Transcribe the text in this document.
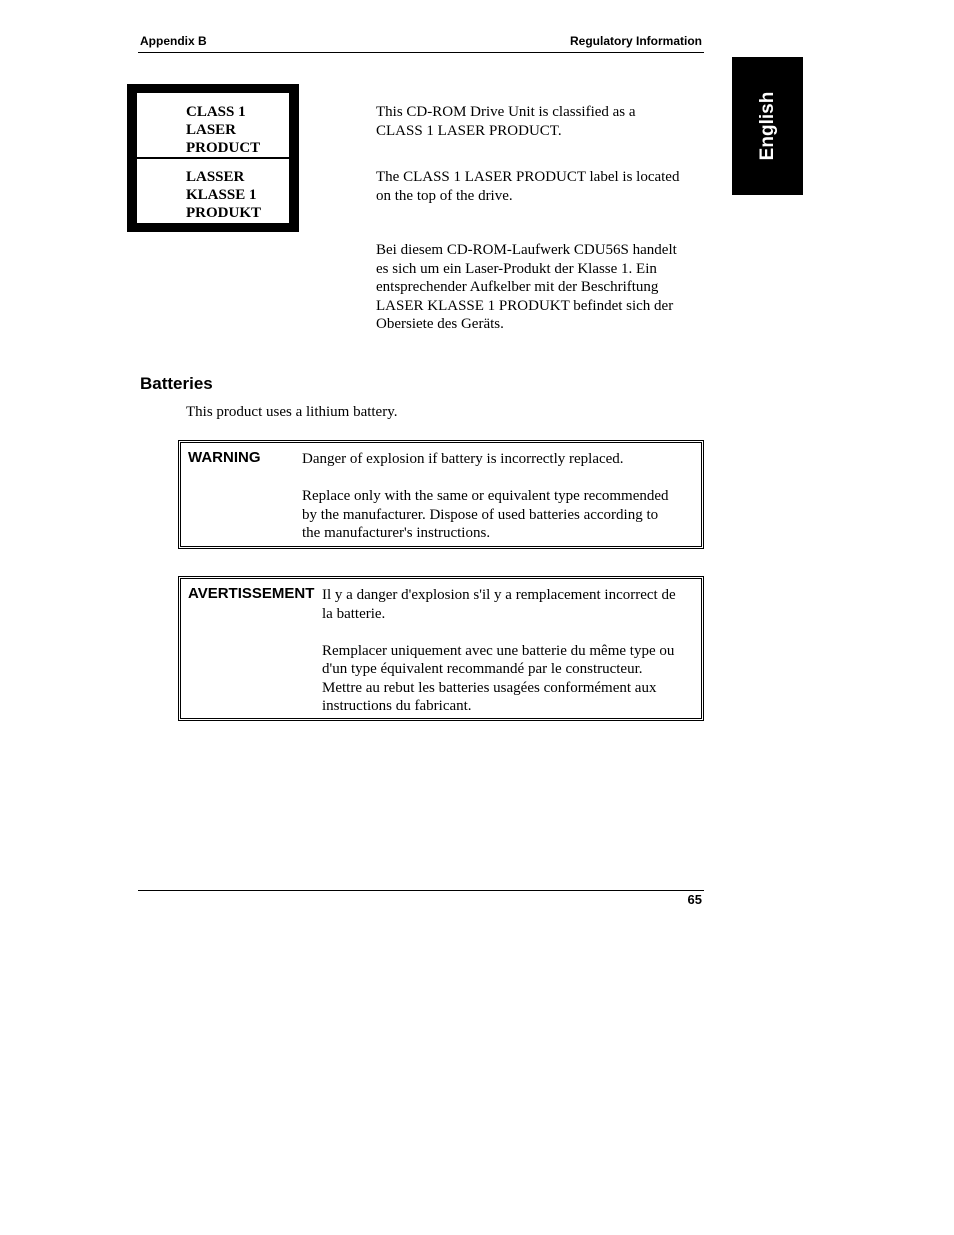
Appendix B	Regulatory Information
English
CLASS 1
LASER
PRODUCT
LASSER
KLASSE 1
PRODUKT
This CD-ROM Drive Unit is classified as a
CLASS 1 LASER PRODUCT.
The CLASS 1 LASER PRODUCT label is located
on the top of the drive.
Bei diesem CD-ROM-Laufwerk CDU56S handelt
es sich um ein Laser-Produkt der Klasse 1. Ein
entsprechender Aufkelber mit der Beschriftung
LASER KLASSE 1 PRODUKT befindet sich der
Obersiete des Geräts.
Batteries
This product uses a lithium battery.
WARNING	Danger of explosion if battery is incorrectly replaced.
Replace only with the same or equivalent type recommended
by the manufacturer. Dispose of used batteries according to
the manufacturer's instructions.
AVERTISSEMENT Il y a danger d'explosion s'il y a remplacement incorrect de
la batterie.
Remplacer uniquement avec une batterie du même type ou
d'un type équivalent recommandé par le constructeur.
Mettre au rebut les batteries usagées conformément aux
instructions du fabricant.
65
